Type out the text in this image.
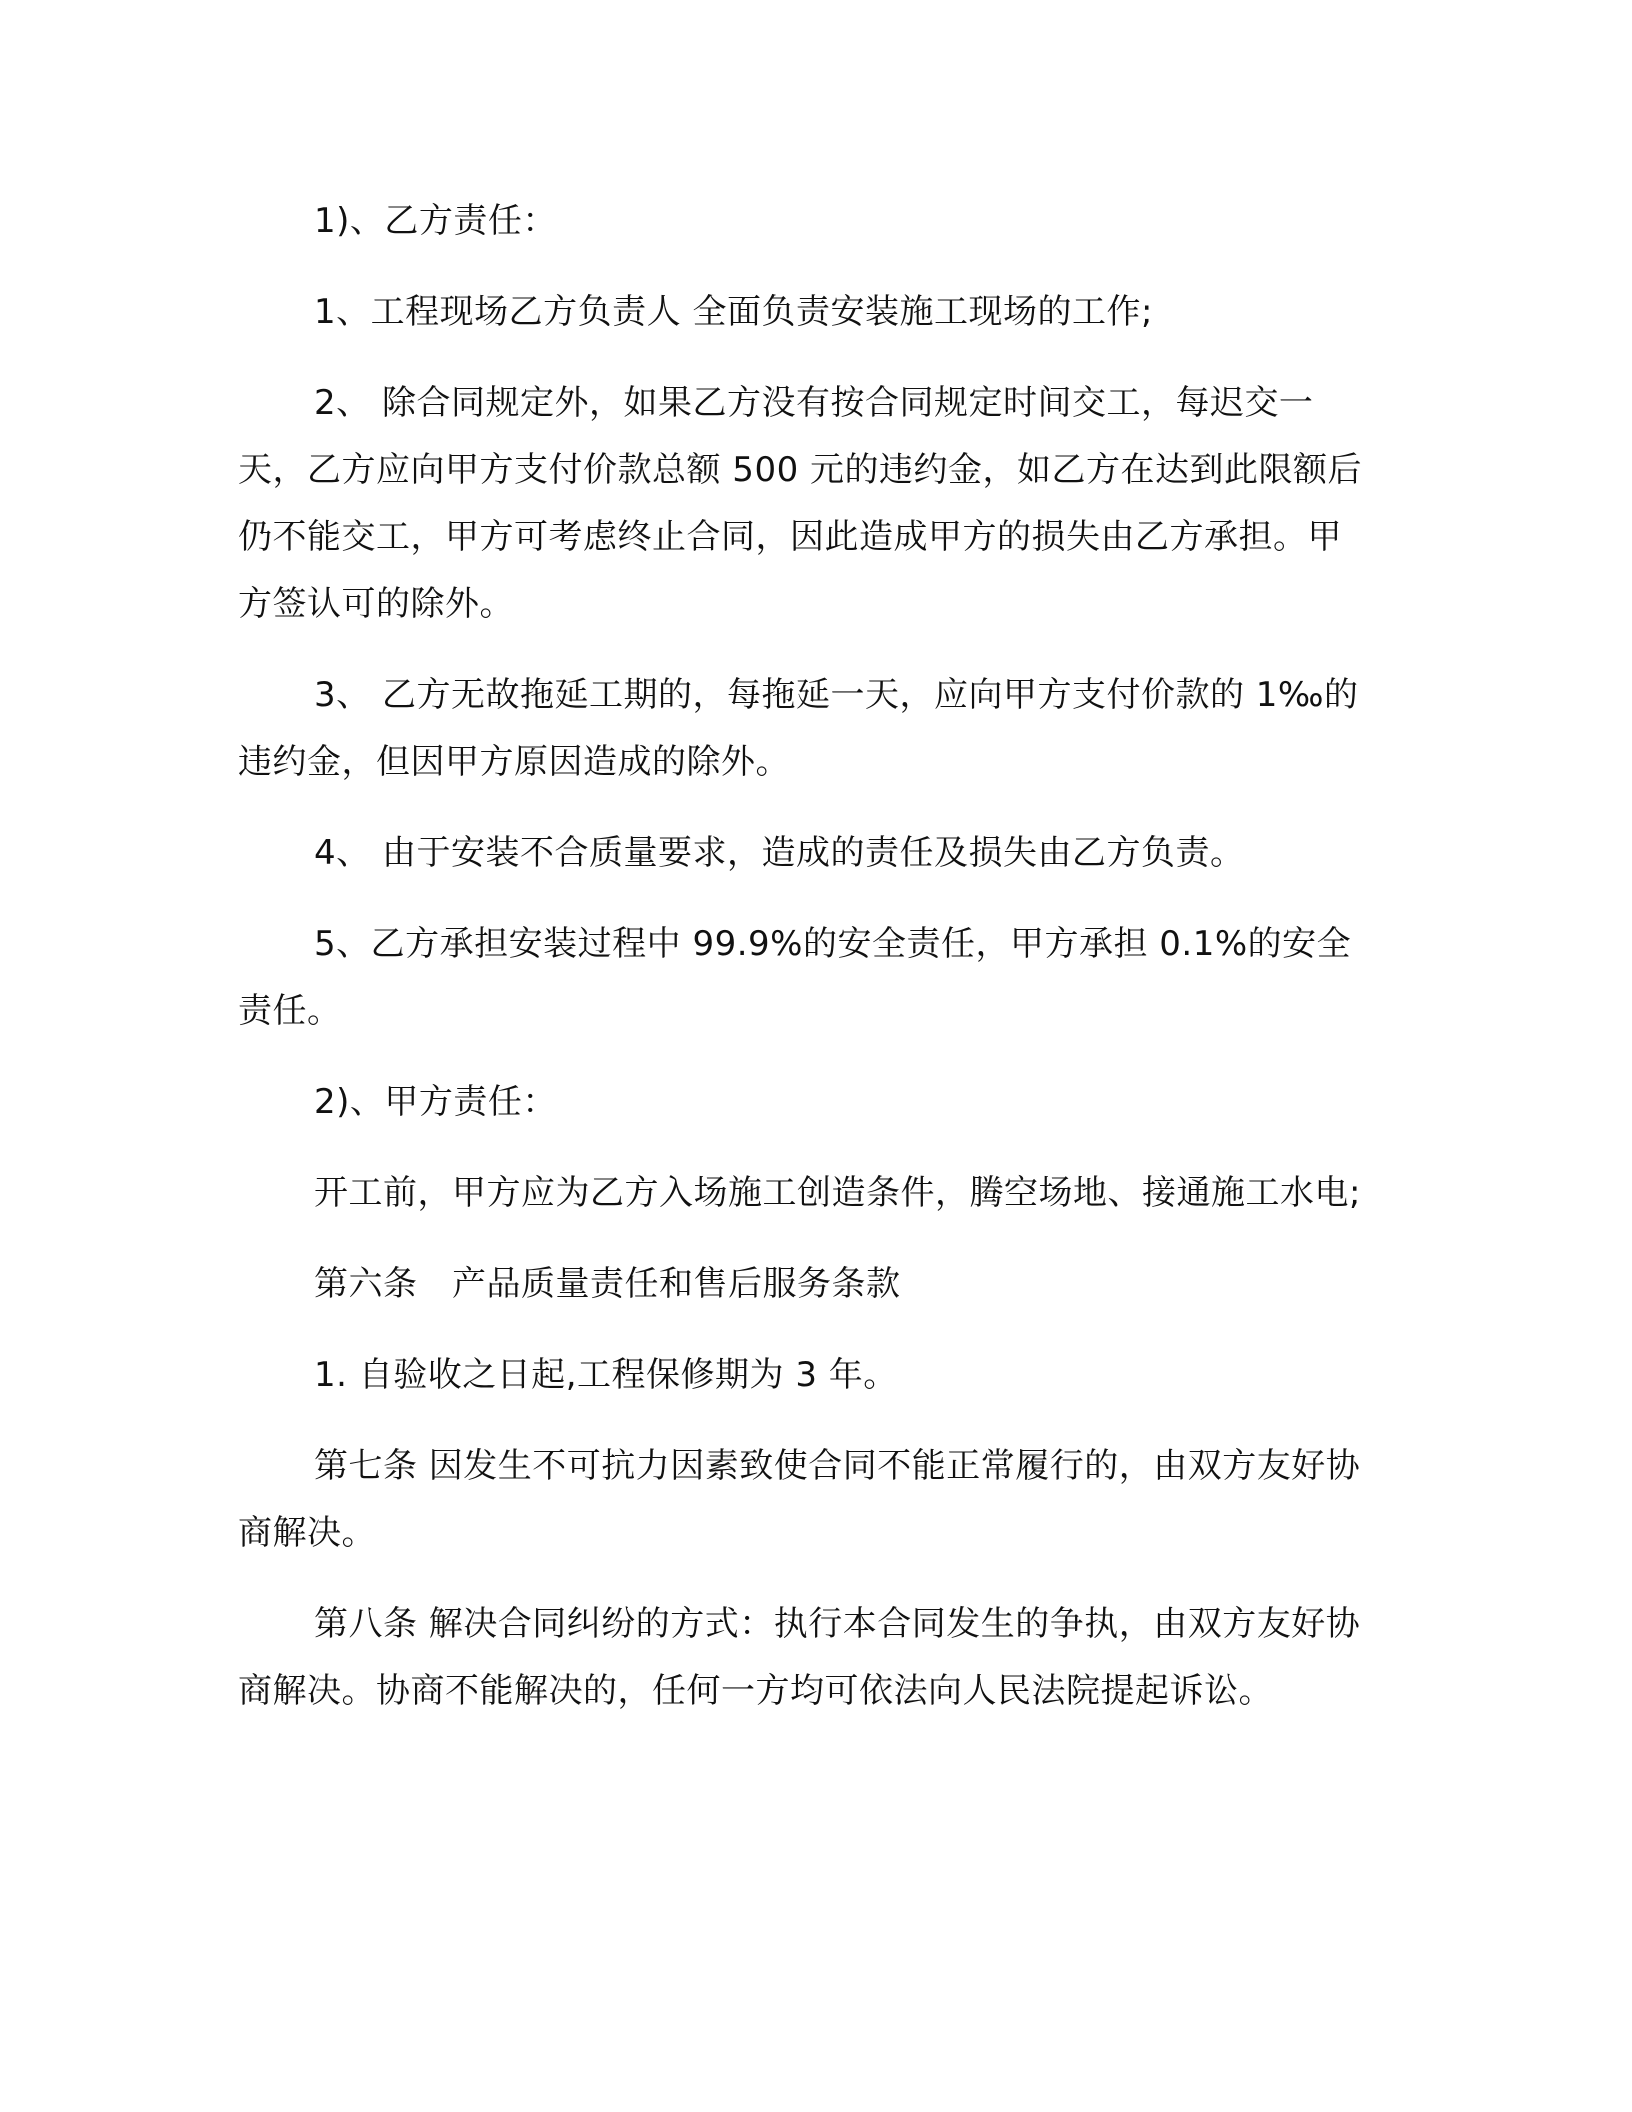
1)、乙方责任：

1、工程现场乙方负责人 全面负责安装施工现场的工作;

2、 除合同规定外，如果乙方没有按合同规定时间交工，每迟交一天，乙方应向甲方支付价款总额 500 元的违约金，如乙方在达到此限额后仍不能交工，甲方可考虑终止合同，因此造成甲方的损失由乙方承担。甲方签认可的除外。

3、 乙方无故拖延工期的，每拖延一天，应向甲方支付价款的 1‰的违约金，但因甲方原因造成的除外。

4、 由于安装不合质量要求，造成的责任及损失由乙方负责。

5、乙方承担安装过程中 99.9%的安全责任，甲方承担 0.1%的安全责任。

2)、甲方责任：

开工前，甲方应为乙方入场施工创造条件，腾空场地、接通施工水电;

第六条　产品质量责任和售后服务条款

1. 自验收之日起,工程保修期为 3 年。

第七条 因发生不可抗力因素致使合同不能正常履行的，由双方友好协商解决。

第八条 解决合同纠纷的方式：执行本合同发生的争执，由双方友好协商解决。协商不能解决的，任何一方均可依法向人民法院提起诉讼。
